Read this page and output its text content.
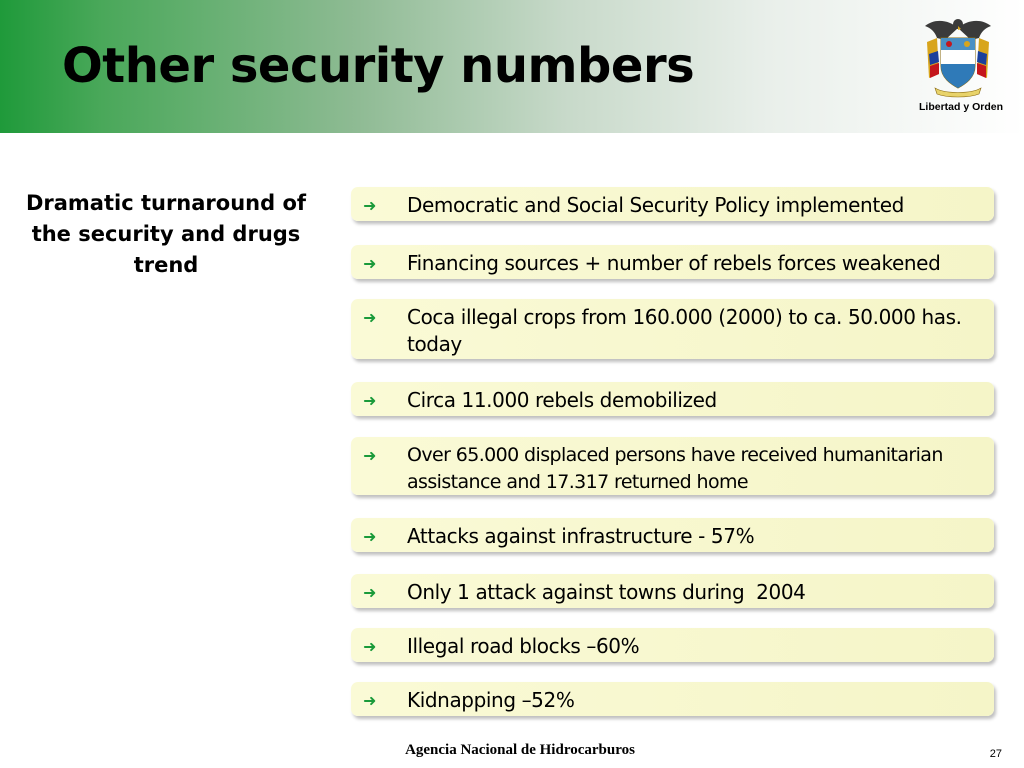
Other security numbers
Libertad y Orden
Dramatic turnaround of the security and drugs trend
➜ Democratic and Social Security Policy implemented
➜ Financing sources + number of rebels forces weakened
➜ Coca illegal crops from 160.000 (2000) to ca. 50.000 has. today
➜ Circa 11.000 rebels demobilized
➜ Over 65.000 displaced persons have received humanitarian assistance and 17.317 returned home
➜ Attacks against infrastructure - 57%
➜ Only 1 attack against towns during  2004
➜ Illegal road blocks –60%
➜ Kidnapping –52%
Agencia Nacional de Hidrocarburos	27
